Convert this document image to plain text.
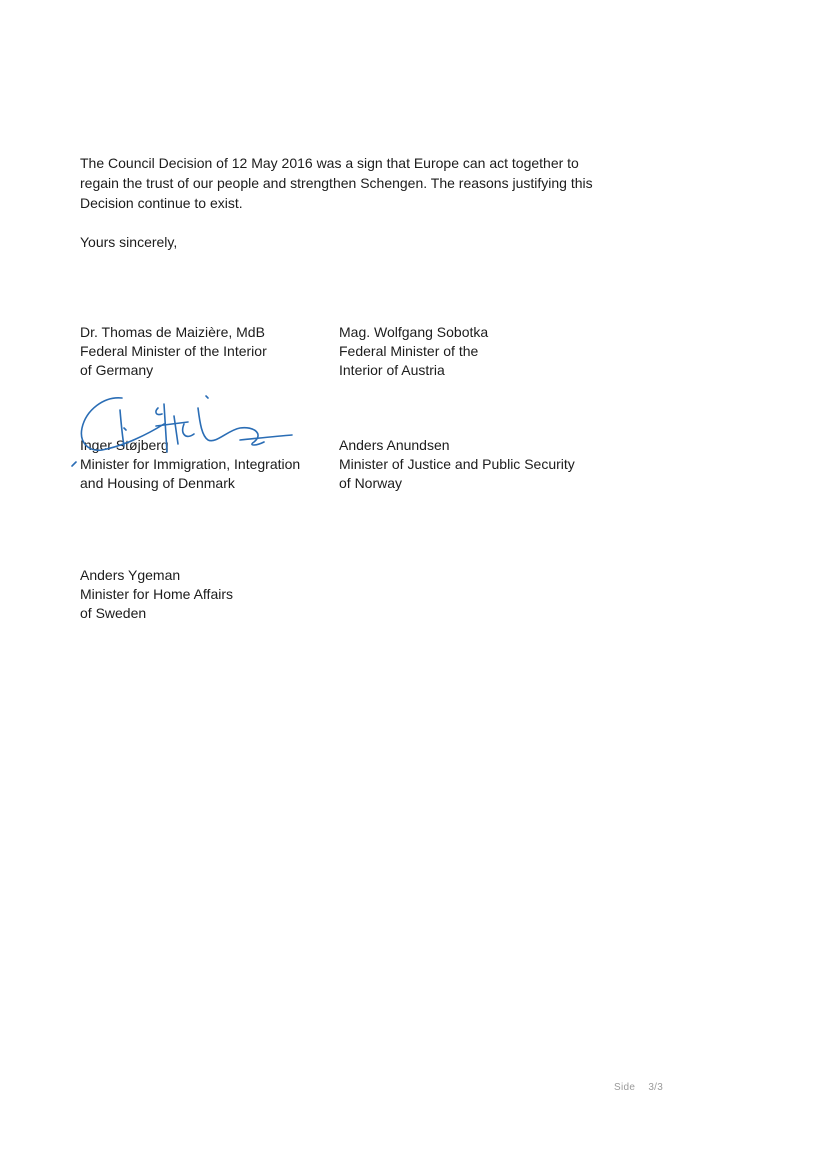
The Council Decision of 12 May 2016 was a sign that Europe can act together to
regain the trust of our people and strengthen Schengen. The reasons justifying this
Decision continue to exist.
Yours sincerely,
Dr. Thomas de Maizière, MdB
Federal Minister of the Interior
of Germany
Mag. Wolfgang Sobotka
Federal Minister of the
Interior of Austria
Inger Støjberg
Minister for Immigration, Integration
and Housing of Denmark
Anders Anundsen
Minister of Justice and Public Security
of Norway
Anders Ygeman
Minister for Home Affairs
of Sweden
Side 3/3
